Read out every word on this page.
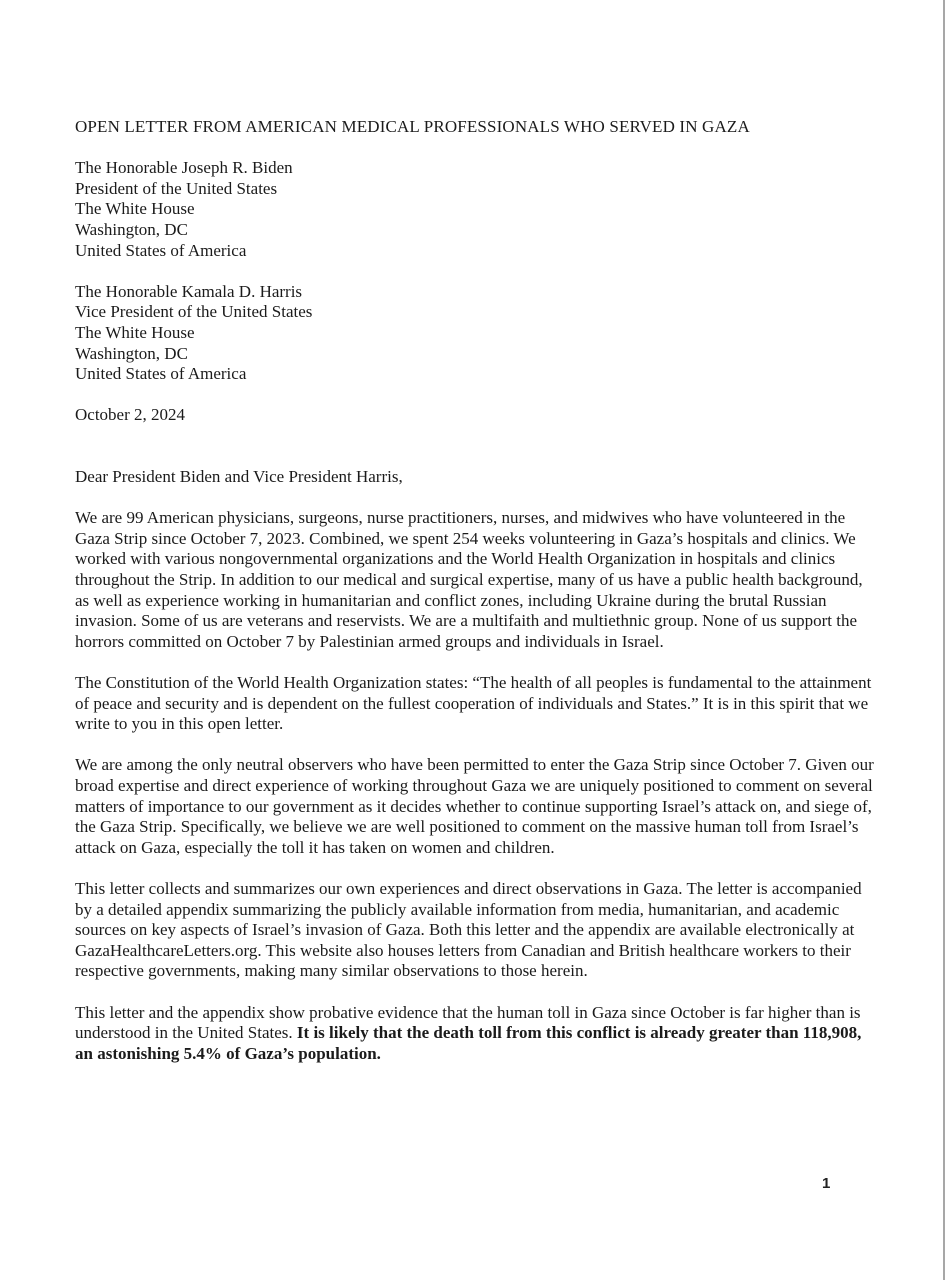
OPEN LETTER FROM AMERICAN MEDICAL PROFESSIONALS WHO SERVED IN GAZA
The Honorable Joseph R. Biden
President of the United States
The White House
Washington, DC
United States of America
The Honorable Kamala D. Harris
Vice President of the United States
The White House
Washington, DC
United States of America
October 2, 2024
Dear President Biden and Vice President Harris,

We are 99 American physicians, surgeons, nurse practitioners, nurses, and midwives who have volunteered in the Gaza Strip since October 7, 2023. Combined, we spent 254 weeks volunteering in Gaza’s hospitals and clinics. We worked with various nongovernmental organizations and the World Health Organization in hospitals and clinics throughout the Strip. In addition to our medical and surgical expertise, many of us have a public health background, as well as experience working in humanitarian and conflict zones, including Ukraine during the brutal Russian invasion. Some of us are veterans and reservists. We are a multifaith and multiethnic group. None of us support the horrors committed on October 7 by Palestinian armed groups and individuals in Israel.

The Constitution of the World Health Organization states: “The health of all peoples is fundamental to the attainment of peace and security and is dependent on the fullest cooperation of individuals and States.” It is in this spirit that we write to you in this open letter.

We are among the only neutral observers who have been permitted to enter the Gaza Strip since October 7. Given our broad expertise and direct experience of working throughout Gaza we are uniquely positioned to comment on several matters of importance to our government as it decides whether to continue supporting Israel’s attack on, and siege of, the Gaza Strip. Specifically, we believe we are well positioned to comment on the massive human toll from Israel’s attack on Gaza, especially the toll it has taken on women and children.

This letter collects and summarizes our own experiences and direct observations in Gaza. The letter is accompanied by a detailed appendix summarizing the publicly available information from media, humanitarian, and academic sources on key aspects of Israel’s invasion of Gaza. Both this letter and the appendix are available electronically at GazaHealthcareLetters.org. This website also houses letters from Canadian and British healthcare workers to their respective governments, making many similar observations to those herein.

This letter and the appendix show probative evidence that the human toll in Gaza since October is far higher than is understood in the United States. It is likely that the death toll from this conflict is already greater than 118,908, an astonishing 5.4% of Gaza’s population.

1
